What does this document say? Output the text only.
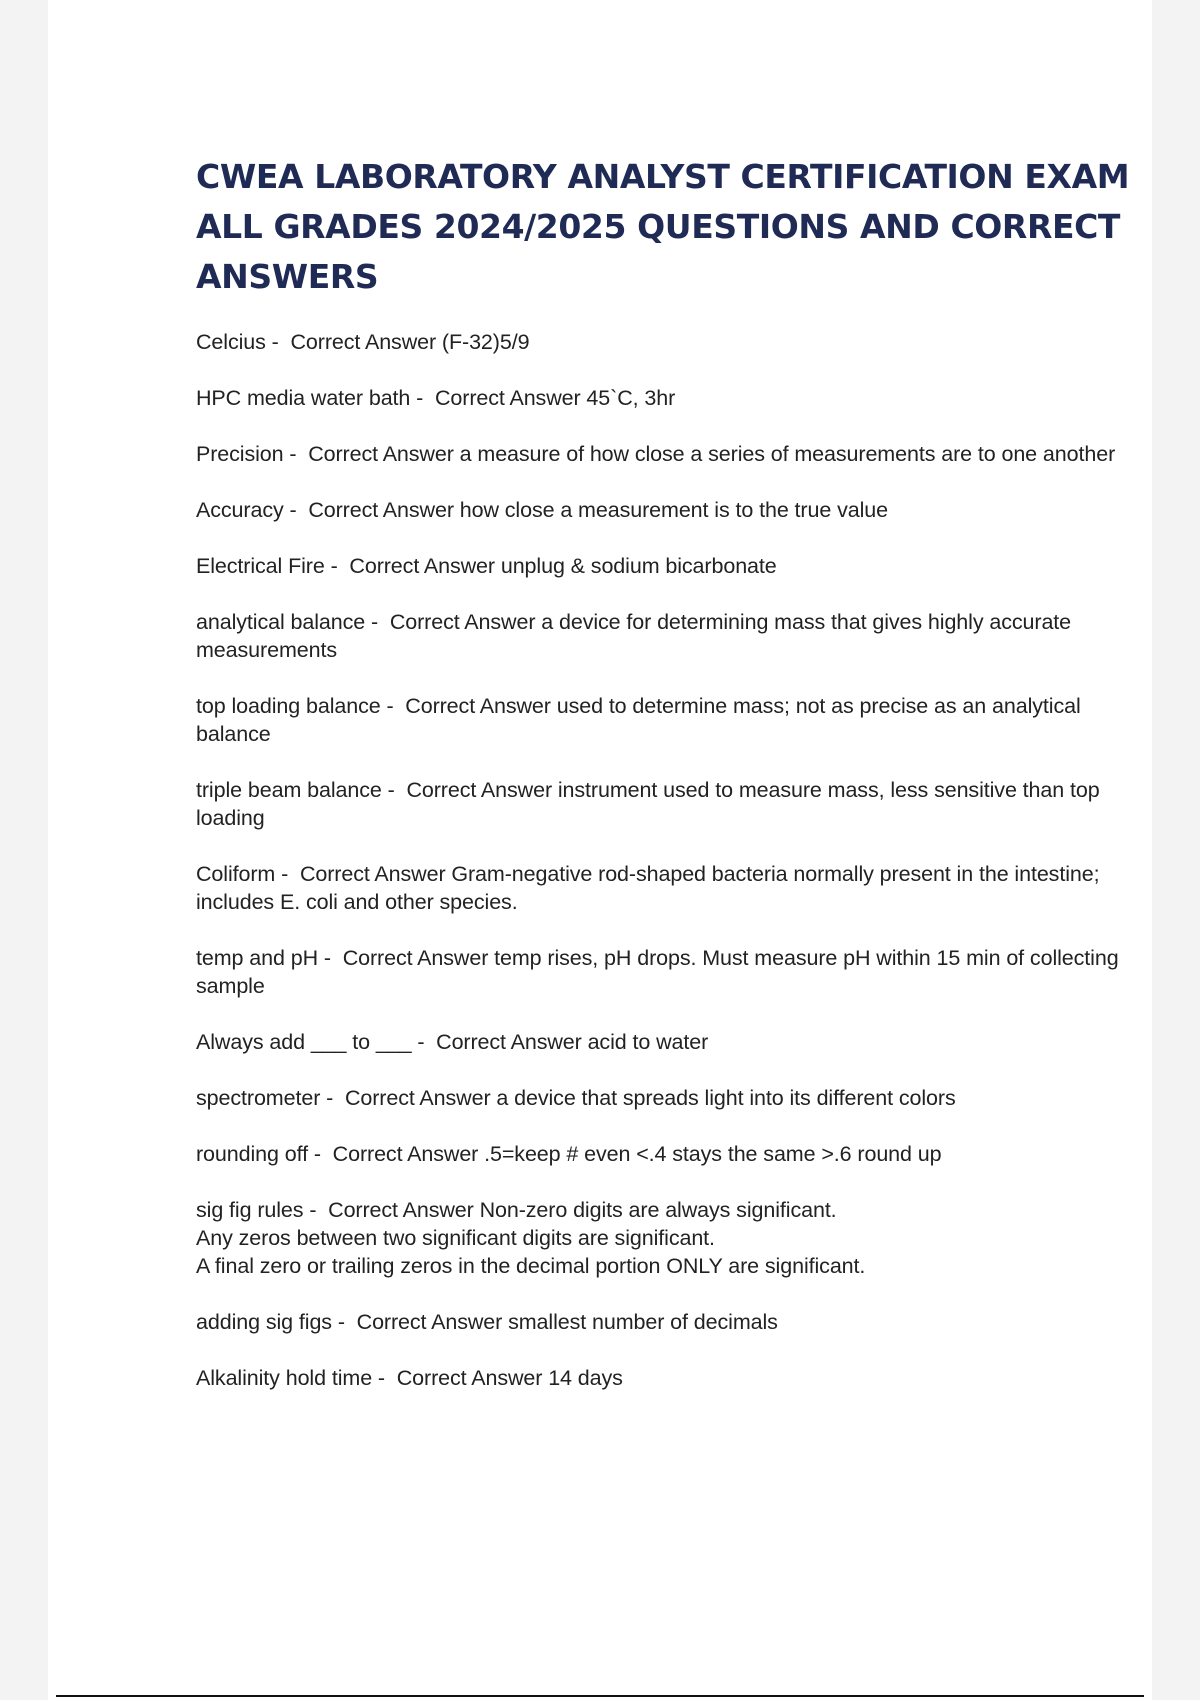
CWEA LABORATORY ANALYST CERTIFICATION EXAM ALL GRADES 2024/2025 QUESTIONS AND CORRECT ANSWERS
Celcius -  Correct Answer (F-32)5/9
HPC media water bath -  Correct Answer 45`C, 3hr
Precision -  Correct Answer a measure of how close a series of measurements are to one another
Accuracy -  Correct Answer how close a measurement is to the true value
Electrical Fire -  Correct Answer unplug & sodium bicarbonate
analytical balance -  Correct Answer a device for determining mass that gives highly accurate measurements
top loading balance -  Correct Answer used to determine mass; not as precise as an analytical balance
triple beam balance -  Correct Answer instrument used to measure mass, less sensitive than top loading
Coliform -  Correct Answer Gram-negative rod-shaped bacteria normally present in the intestine; includes E. coli and other species.
temp and pH -  Correct Answer temp rises, pH drops. Must measure pH within 15 min of collecting sample
Always add ___ to ___ -  Correct Answer acid to water
spectrometer -  Correct Answer a device that spreads light into its different colors
rounding off -  Correct Answer .5=keep # even <.4 stays the same >.6 round up
sig fig rules -  Correct Answer Non-zero digits are always significant.
Any zeros between two significant digits are significant.
A final zero or trailing zeros in the decimal portion ONLY are significant.
adding sig figs -  Correct Answer smallest number of decimals
Alkalinity hold time -  Correct Answer 14 days
